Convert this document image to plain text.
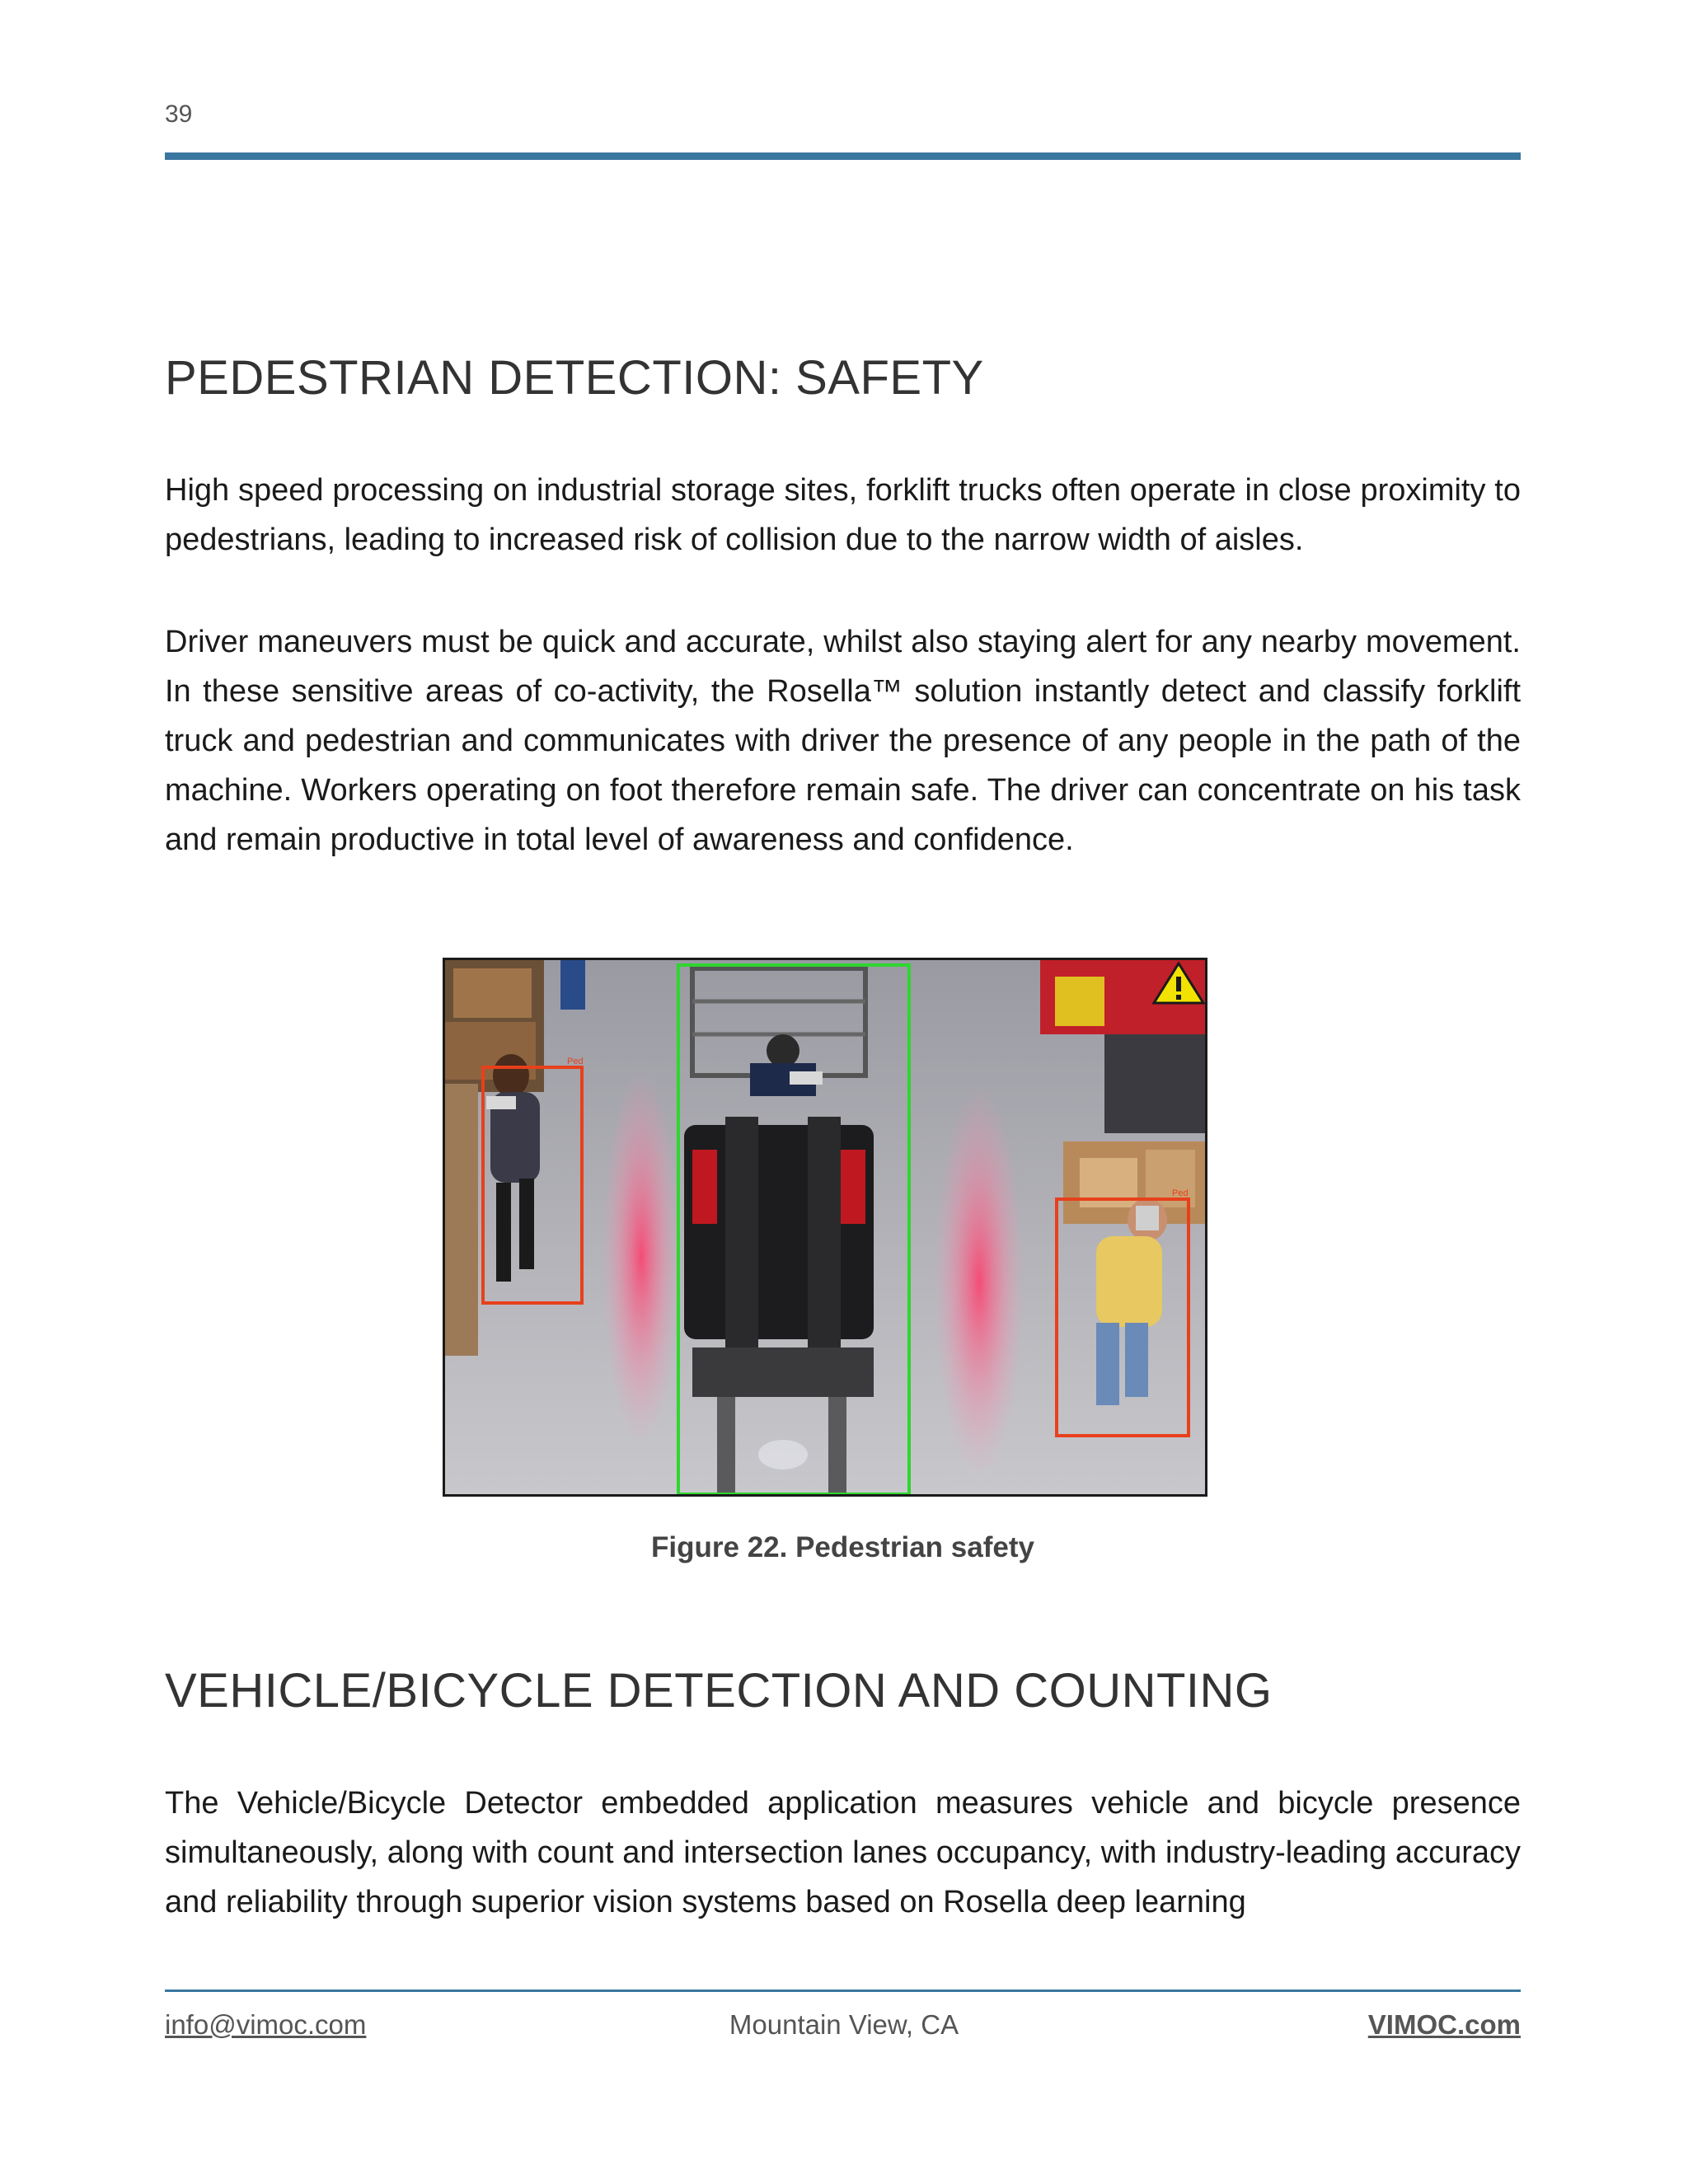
39
PEDESTRIAN DETECTION: SAFETY

High speed processing on industrial storage sites, forklift trucks often operate in close proximity to pedestrians, leading to increased risk of collision due to the narrow width of aisles.

Driver maneuvers must be quick and accurate, whilst also staying alert for any nearby movement. In these sensitive areas of co-activity, the Rosella™ solution instantly detect and classify forklift truck and pedestrian and communicates with driver the presence of any people in the path of the machine. Workers operating on foot therefore remain safe. The driver can concentrate on his task and remain productive in total level of awareness and confidence.

Ped
Ped
Figure 22. Pedestrian safety
VEHICLE/BICYCLE DETECTION AND COUNTING

The Vehicle/Bicycle Detector embedded application measures vehicle and bicycle presence simultaneously, along with count and intersection lanes occupancy, with industry-leading accuracy and reliability through superior vision systems based on Rosella deep learning

info@vimoc.com	Mountain View, CA	VIMOC.com
